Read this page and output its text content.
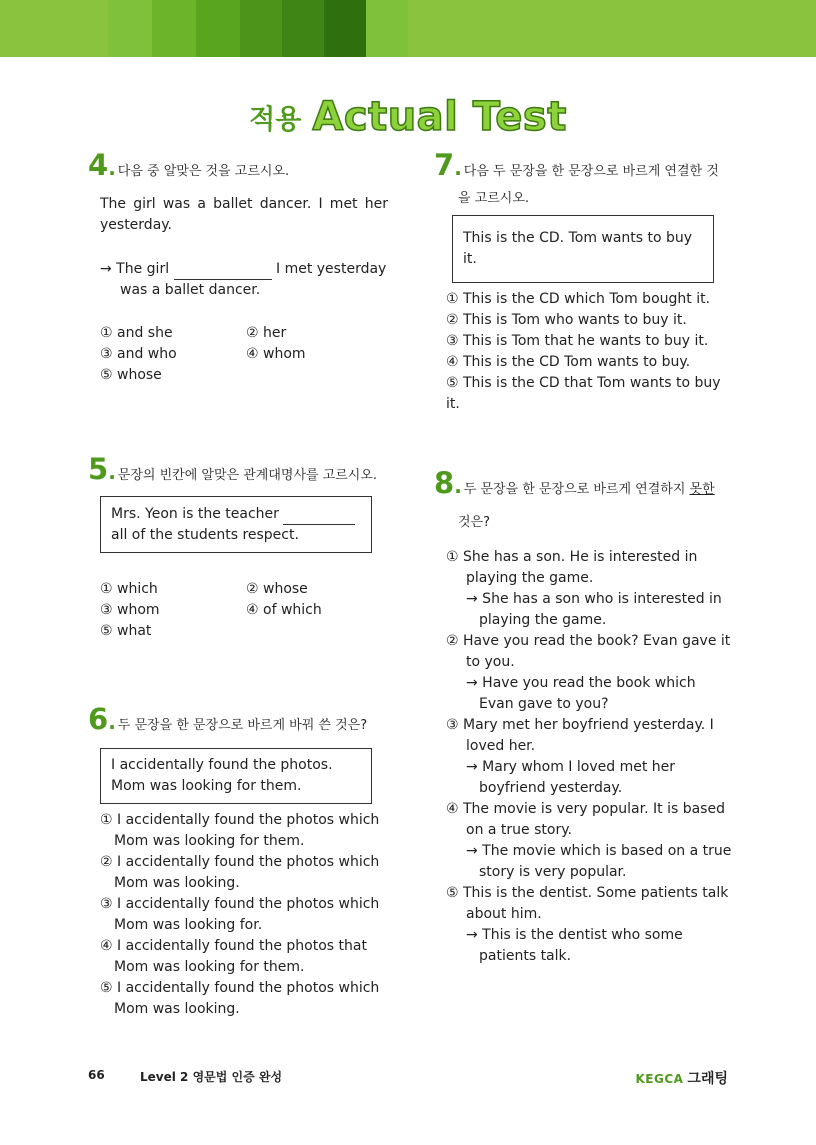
적용 Actual Test
4 . 다음 중 알맞은 것을 고르시오.

The girl was a ballet dancer. I met her yesterday.

→ The girl	I met yesterday

was a ballet dancer.

① and she	② her
③ and who	④ whom
⑤ whose
5 . 문장의 빈칸에 알맞은 관계대명사를 고르시오.
Mrs. Yeon is the teacher
all of the students respect.
① which	② whose
③ whom	④ of which
⑤ what
6 . 두 문장을 한 문장으로 바르게 바꿔 쓴 것은?
I accidentally found the photos. Mom was looking for them.
① I accidentally found the photos which Mom was looking for them.
② I accidentally found the photos which Mom was looking.
③ I accidentally found the photos which Mom was looking for.
④ I accidentally found the photos that Mom was looking for them.
⑤ I accidentally found the photos which Mom was looking.
7 . 다음 두 문장을 한 문장으로 바르게 연결한 것
을 고르시오.
This is the CD. Tom wants to buy it.
① This is the CD which Tom bought it.
② This is Tom who wants to buy it.
③ This is Tom that he wants to buy it.
④ This is the CD Tom wants to buy.
⑤ This is the CD that Tom wants to buy it.
8 . 두 문장을 한 문장으로 바르게 연결하지 못한
것은?
① She has a son. He is interested in playing the game.
→ She has a son who is interested in playing the game.
② Have you read the book? Evan gave it to you.
→ Have you read the book which Evan gave to you?
③ Mary met her boyfriend yesterday. I loved her.
→ Mary whom I loved met her boyfriend yesterday.
④ The movie is very popular. It is based on a true story.
→ The movie which is based on a true story is very popular.
⑤ This is the dentist. Some patients talk about him.
→ This is the dentist who some patients talk.
66	Level 2 영문법 인증 완성	KEGCA 그래팅
